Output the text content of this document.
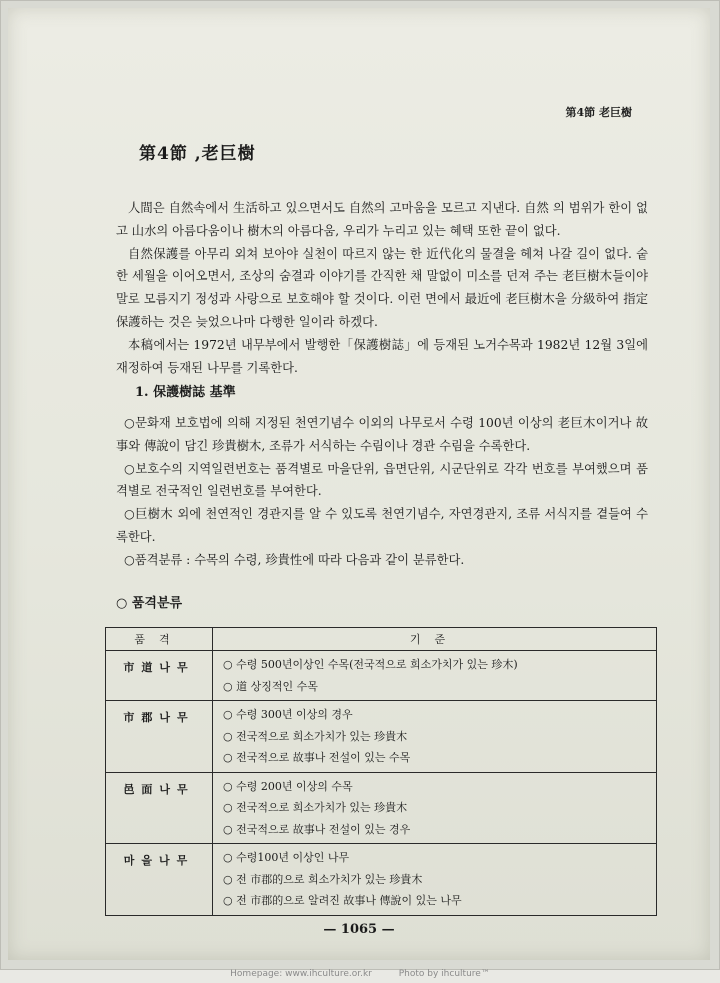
第4節 老巨樹
第4節 ,老巨樹

人間은 自然속에서 生活하고 있으면서도 自然의 고마움을 모르고 지낸다. 自然 의 범위가 한이 없고 山水의 아름다움이나 樹木의 아름다움, 우리가 누리고 있는 혜택 또한 끝이 없다.

自然保護를 아무리 외쳐 보아야 실천이 따르지 않는 한 近代化의 물결을 헤쳐 나갈 길이 없다. 숱한 세월을 이어오면서, 조상의 숨결과 이야기를 간직한 채 말없이 미소를 던져 주는 老巨樹木들이야말로 모름지기 정성과 사랑으로 보호해야 할 것이다. 이런 면에서 最近에 老巨樹木을 分級하여 指定 保護하는 것은 늦었으나마 다행한 일이라 하겠다.

本稿에서는 1972년 내무부에서 발행한「保護樹誌」에 등재된 노거수목과 1982년 12월 3일에 재정하여 등재된 나무를 기록한다.

1. 保護樹誌 基準

○문화재 보호법에 의해 지정된 천연기념수 이외의 나무로서 수령 100년 이상의 老巨木이거나 故事와 傳說이 담긴 珍貴樹木, 조류가 서식하는 수림이나 경관 수림을 수록한다.

○보호수의 지역일련번호는 품격별로 마을단위, 읍면단위, 시군단위로 각각 번호를 부여했으며 품격별로 전국적인 일련번호를 부여한다.

○巨樹木 외에 천연적인 경관지를 알 수 있도록 천연기념수, 자연경관지, 조류 서식지를 곁들여 수록한다.

○품격분류 : 수목의 수령, 珍貴性에 따라 다음과 같이 분류한다.

○ 품격분류
품격	기준
市道나무	○ 수령 500년이상인 수목(전국적으로 희소가치가 있는 珍木)
○ 道 상징적인 수목

市郡나무	○ 수령 300년 이상의 경우
○ 전국적으로 희소가치가 있는 珍貴木
○ 전국적으로 故事나 전설이 있는 수목

邑面나무	○ 수령 200년 이상의 수목
○ 전국적으로 희소가치가 있는 珍貴木
○ 전국적으로 故事나 전설이 있는 경우

마을나무	○ 수령100년 이상인 나무
○ 전 市郡的으로 희소가치가 있는 珍貴木
○ 전 市郡的으로 알려진 故事나 傳說이 있는 나무
— 1065 —
Homepage: www.ihculture.or.kr	Photo by ihculture™
